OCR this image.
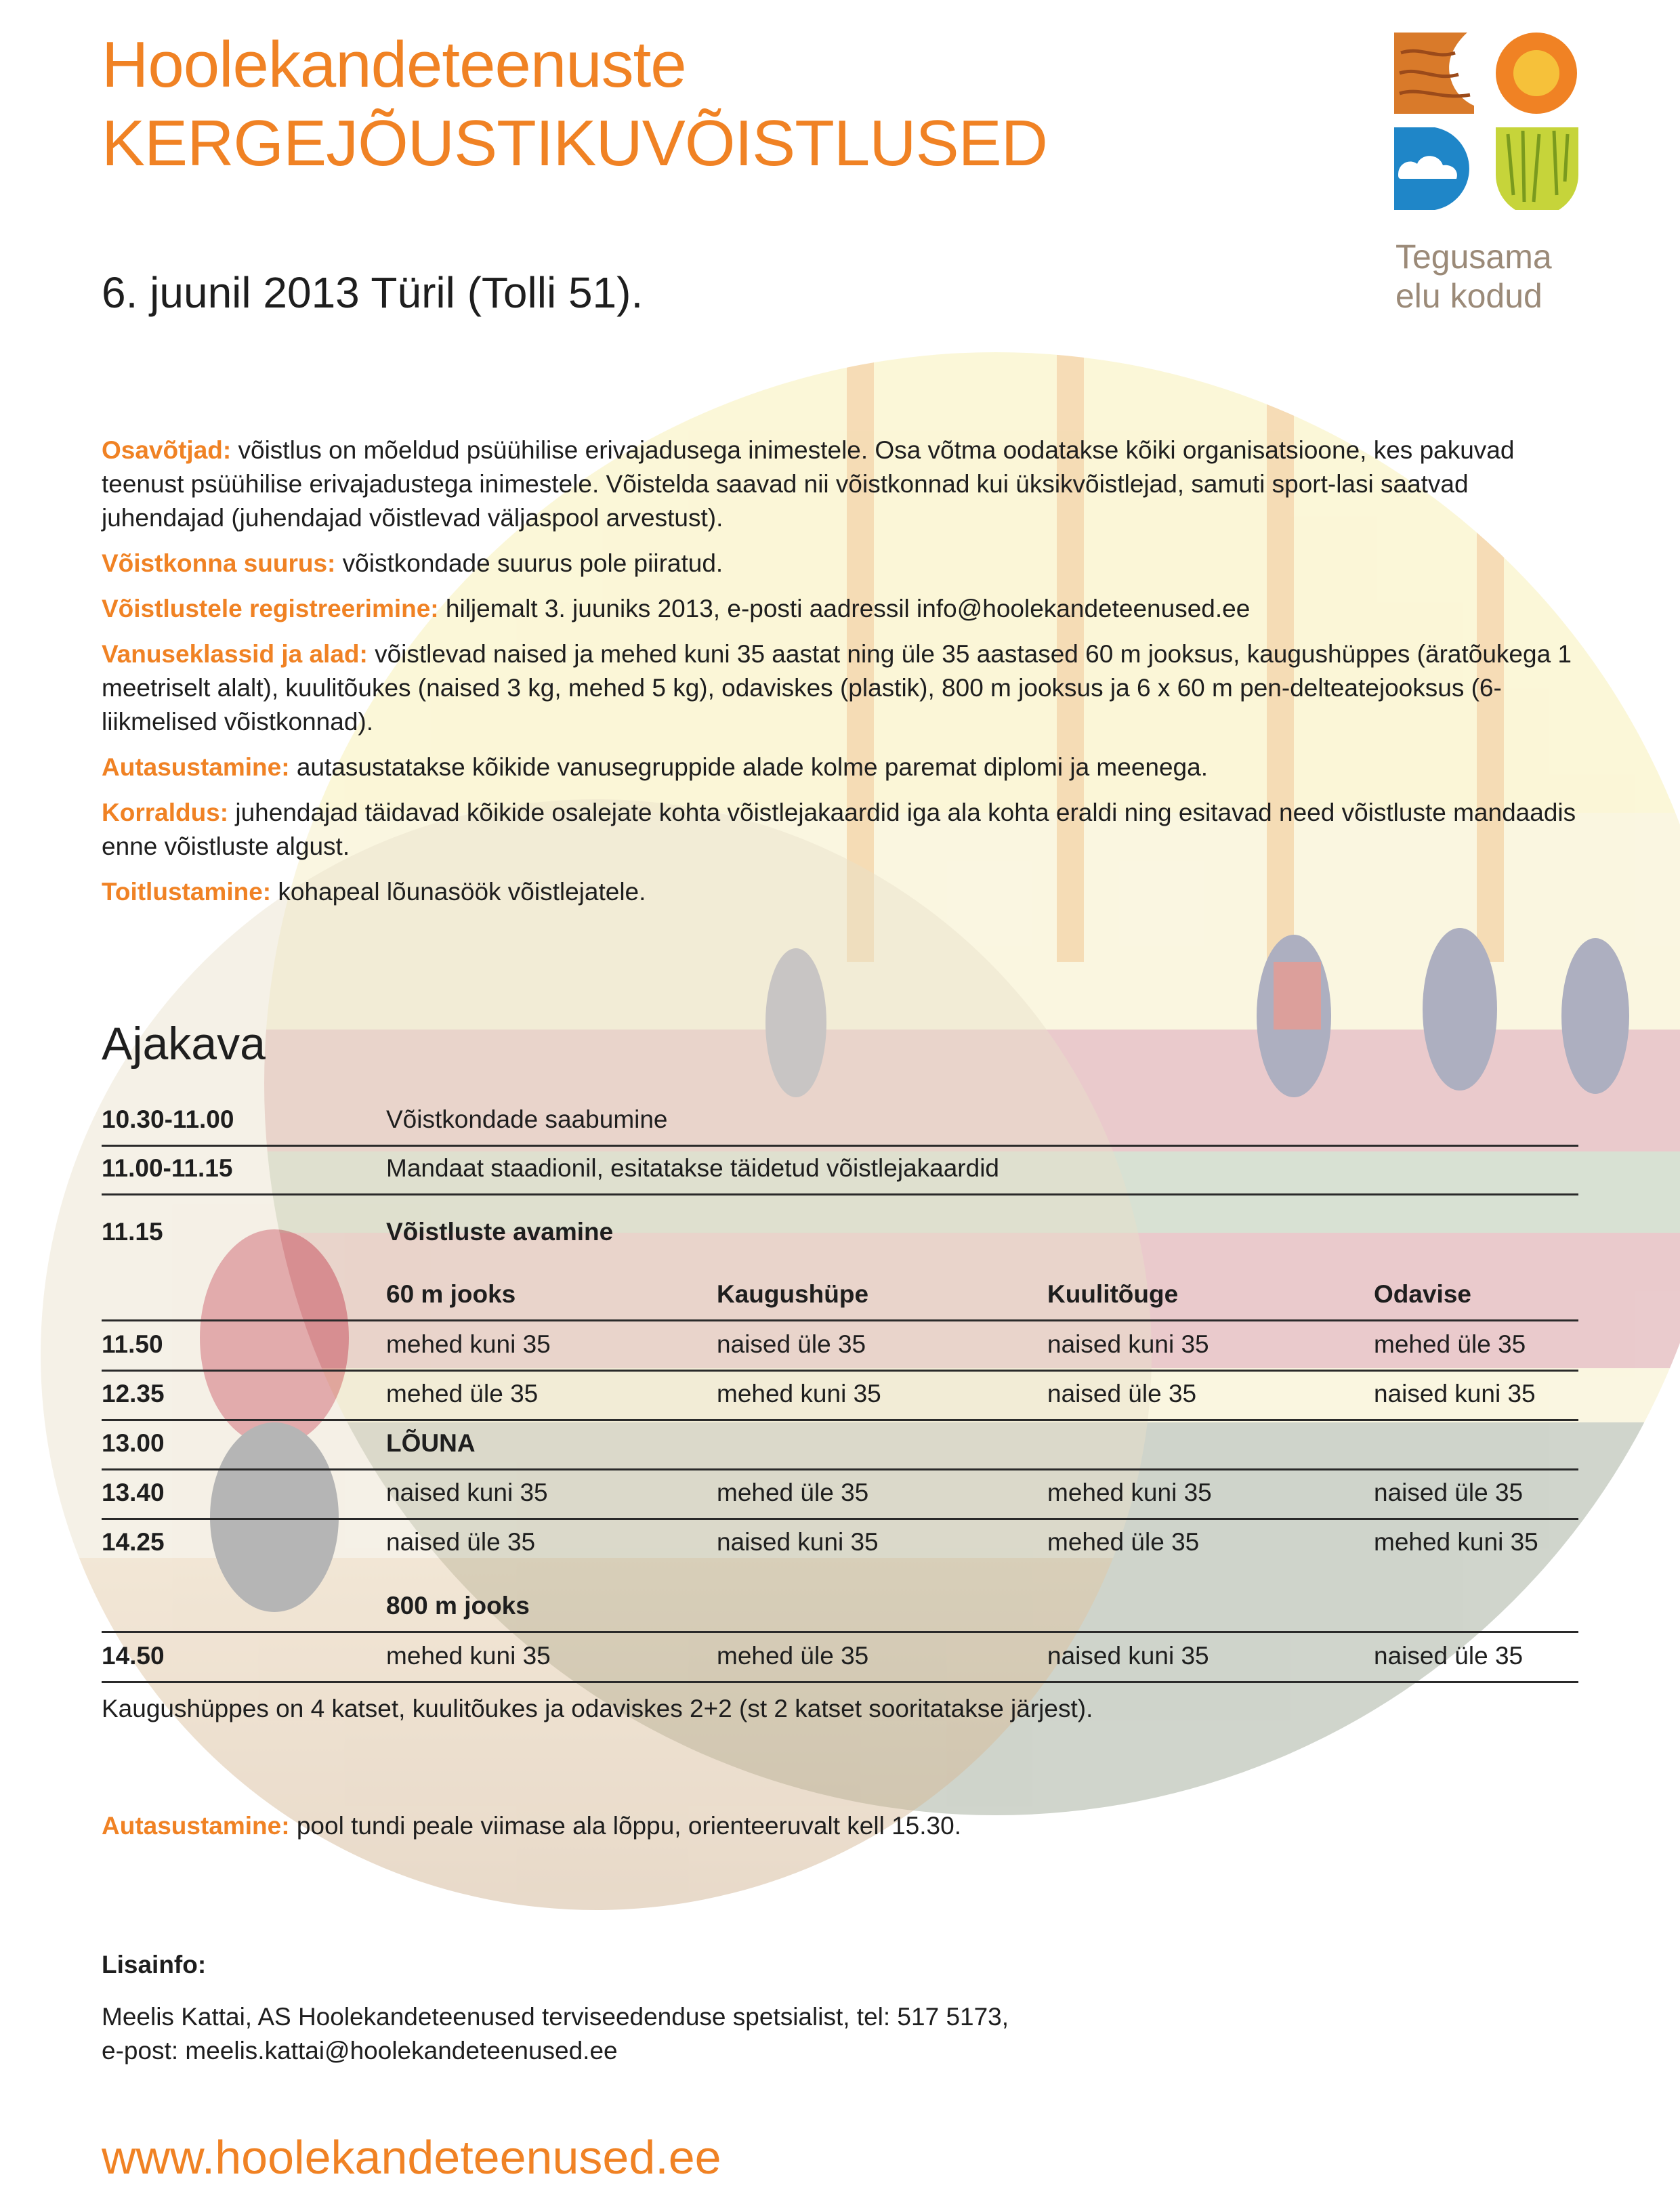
Hoolekandeteenuste
KERGEJÕUSTIKUVÕISTLUSED
6. juunil 2013 Türil (Tolli 51).
Tegusama
elu kodud

Osavõtjad: võistlus on mõeldud psüühilise erivajadusega inimestele. Osa võtma oodatakse kõiki organisatsioone, kes pakuvad teenust psüühilise erivajadustega inimestele. Võistelda saavad nii võistkonnad kui üksikvõistlejad, samuti sport-lasi saatvad juhendajad (juhendajad võistlevad väljaspool arvestust).

Võistkonna suurus: võistkondade suurus pole piiratud.

Võistlustele registreerimine: hiljemalt 3. juuniks 2013, e-posti aadressil info@hoolekandeteenused.ee

Vanuseklassid ja alad: võistlevad naised ja mehed kuni 35 aastat ning üle 35 aastased 60 m jooksus, kaugushüppes (äratõukega 1 meetriselt alalt), kuulitõukes (naised 3 kg, mehed 5 kg), odaviskes (plastik), 800 m jooksus ja 6 x 60 m pen-delteatejooksus (6-liikmelised võistkonnad).

Autasustamine: autasustatakse kõikide vanusegruppide alade kolme paremat diplomi ja meenega.

Korraldus: juhendajad täidavad kõikide osalejate kohta võistlejakaardid iga ala kohta eraldi ning esitavad need võistluste mandaadis enne võistluste algust.

Toitlustamine: kohapeal lõunasöök võistlejatele.

Ajakava
10.30-11.00	Võistkondade saabumine
11.00-11.15	Mandaat staadionil, esitatakse täidetud võistlejakaardid
11.15	Võistluste avamine
60 m jooks	Kaugushüpe	Kuulitõuge	Odavise
11.50	mehed kuni 35	naised üle 35	naised kuni 35	mehed üle 35
12.35	mehed üle 35	mehed kuni 35	naised üle 35	naised kuni 35
13.00	LÕUNA
13.40	naised kuni 35	mehed üle 35	mehed kuni 35	naised üle 35
14.25	naised üle 35	naised kuni 35	mehed üle 35	mehed kuni 35
800 m jooks
14.50	mehed kuni 35	mehed üle 35	naised kuni 35	naised üle 35
Kaugushüppes on 4 katset, kuulitõukes ja odaviskes 2+2 (st 2 katset sooritatakse järjest).
Autasustamine: pool tundi peale viimase ala lõppu, orienteeruvalt kell 15.30.
Lisainfo:
Meelis Kattai, AS Hoolekandeteenused terviseedenduse spetsialist, tel: 517 5173,
e-post: meelis.kattai@hoolekandeteenused.ee
www.hoolekandeteenused.ee
